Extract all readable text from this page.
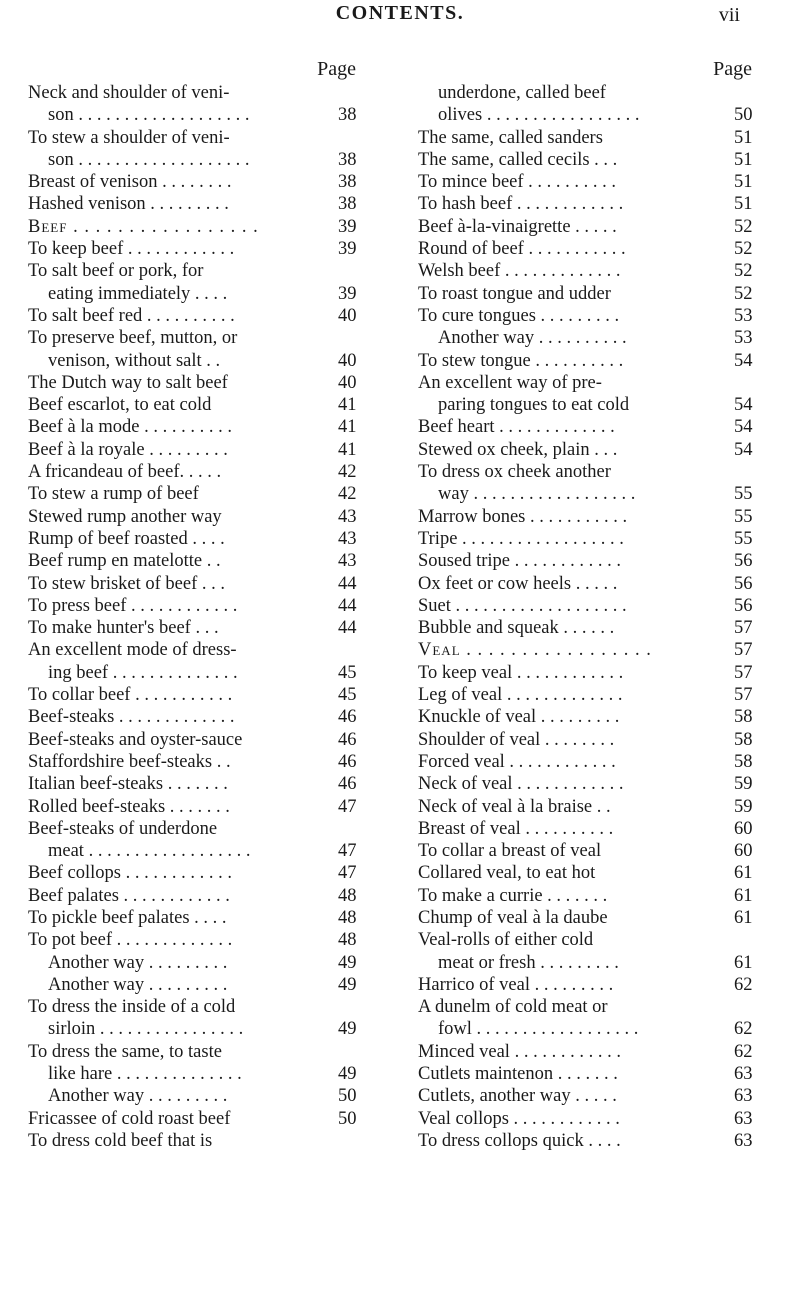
CONTENTS.	vii
Page
Neck and shoulder of veni-
son . . . . . . . . . . . . . . . . . . .	38
To stew a shoulder of veni-
son . . . . . . . . . . . . . . . . . . .	38
Breast of venison . . . . . . . .	38
Hashed venison . . . . . . . . .	38
Beef . . . . . . . . . . . . . . . . .	39
To keep beef . . . . . . . . . . . .	39
To salt beef or pork, for
eating immediately . . . .	39
To salt beef red . . . . . . . . . .	40
To preserve beef, mutton, or
venison, without salt . .	40
The Dutch way to salt beef	40
Beef escarlot, to eat cold	41
Beef à la mode . . . . . . . . . .	41
Beef à la royale . . . . . . . . .	41
A fricandeau of beef. . . . .	42
To stew a rump of beef	42
Stewed rump another way	43
Rump of beef roasted . . . .	43
Beef rump en matelotte . .	43
To stew brisket of beef . . .	44
To press beef . . . . . . . . . . . .	44
To make hunter's beef . . .	44
An excellent mode of dress-
ing beef . . . . . . . . . . . . . .	45
To collar beef . . . . . . . . . . .	45
Beef-steaks . . . . . . . . . . . . .	46
Beef-steaks and oyster-sauce	46
Staffordshire beef-steaks . .	46
Italian beef-steaks . . . . . . .	46
Rolled beef-steaks . . . . . . .	47
Beef-steaks of underdone
meat . . . . . . . . . . . . . . . . . .	47
Beef collops . . . . . . . . . . . .	47
Beef palates . . . . . . . . . . . .	48
To pickle beef palates . . . .	48
To pot beef . . . . . . . . . . . . .	48
Another way . . . . . . . . .	49
Another way . . . . . . . . .	49
To dress the inside of a cold
sirloin . . . . . . . . . . . . . . . .	49
To dress the same, to taste
like hare . . . . . . . . . . . . . .	49
Another way . . . . . . . . .	50
Fricassee of cold roast beef	50
To dress cold beef that is
Page
underdone, called beef
olives . . . . . . . . . . . . . . . . .	50
The same, called sanders	51
The same, called cecils . . .	51
To mince beef . . . . . . . . . .	51
To hash beef . . . . . . . . . . . .	51
Beef à-la-vinaigrette . . . . .	52
Round of beef . . . . . . . . . . .	52
Welsh beef . . . . . . . . . . . . .	52
To roast tongue and udder	52
To cure tongues . . . . . . . . .	53
Another way . . . . . . . . . .	53
To stew tongue . . . . . . . . . .	54
An excellent way of pre-
paring tongues to eat cold	54
Beef heart . . . . . . . . . . . . .	54
Stewed ox cheek, plain . . .	54
To dress ox cheek another
way . . . . . . . . . . . . . . . . . .	55
Marrow bones . . . . . . . . . . .	55
Tripe . . . . . . . . . . . . . . . . . .	55
Soused tripe . . . . . . . . . . . .	56
Ox feet or cow heels . . . . .	56
Suet . . . . . . . . . . . . . . . . . . .	56
Bubble and squeak . . . . . .	57
Veal . . . . . . . . . . . . . . . . .	57
To keep veal . . . . . . . . . . . .	57
Leg of veal . . . . . . . . . . . . .	57
Knuckle of veal . . . . . . . . .	58
Shoulder of veal . . . . . . . .	58
Forced veal . . . . . . . . . . . .	58
Neck of veal . . . . . . . . . . . .	59
Neck of veal à la braise . .	59
Breast of veal . . . . . . . . . .	60
To collar a breast of veal	60
Collared veal, to eat hot	61
To make a currie . . . . . . .	61
Chump of veal à la daube	61
Veal-rolls of either cold
meat or fresh . . . . . . . . .	61
Harrico of veal . . . . . . . . .	62
A dunelm of cold meat or
fowl . . . . . . . . . . . . . . . . . .	62
Minced veal . . . . . . . . . . . .	62
Cutlets maintenon . . . . . . .	63
Cutlets, another way . . . . .	63
Veal collops . . . . . . . . . . . .	63
To dress collops quick . . . .	63
